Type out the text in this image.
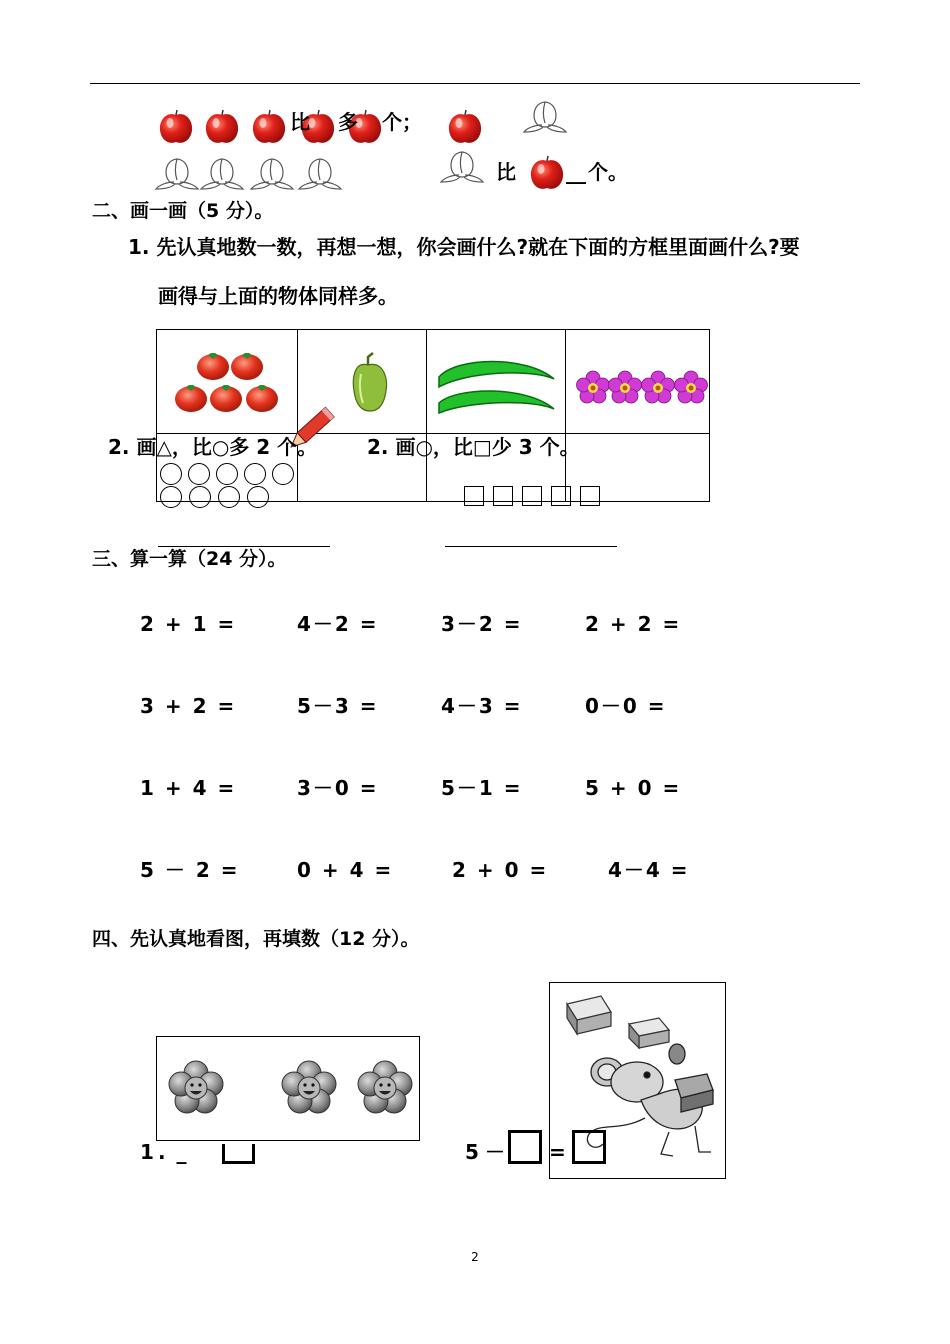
比 多 个；
比	__ 个。
二、画一画（5 分）。
1. 先认真地数一数，再想一想，你会画什么?就在下面的方框里面画什么?要
画得与上面的物体同样多。
2. 画△，比○多 2 个。 2. 画○，比□少 3 个。
三、算一算（24 分）。
2 + 1 =	4－2 =	3－2 =	2 + 2 =
3 + 2 =	5－3 =	4－3 =	0－0 =
1 + 4 =	3－0 =	5－1 =	5 + 0 =
5 － 2 =	0 + 4 =	2 + 0 =	4－4 =
四、先认真地看图，再填数（12 分）。
1 . _	5 － =
2
